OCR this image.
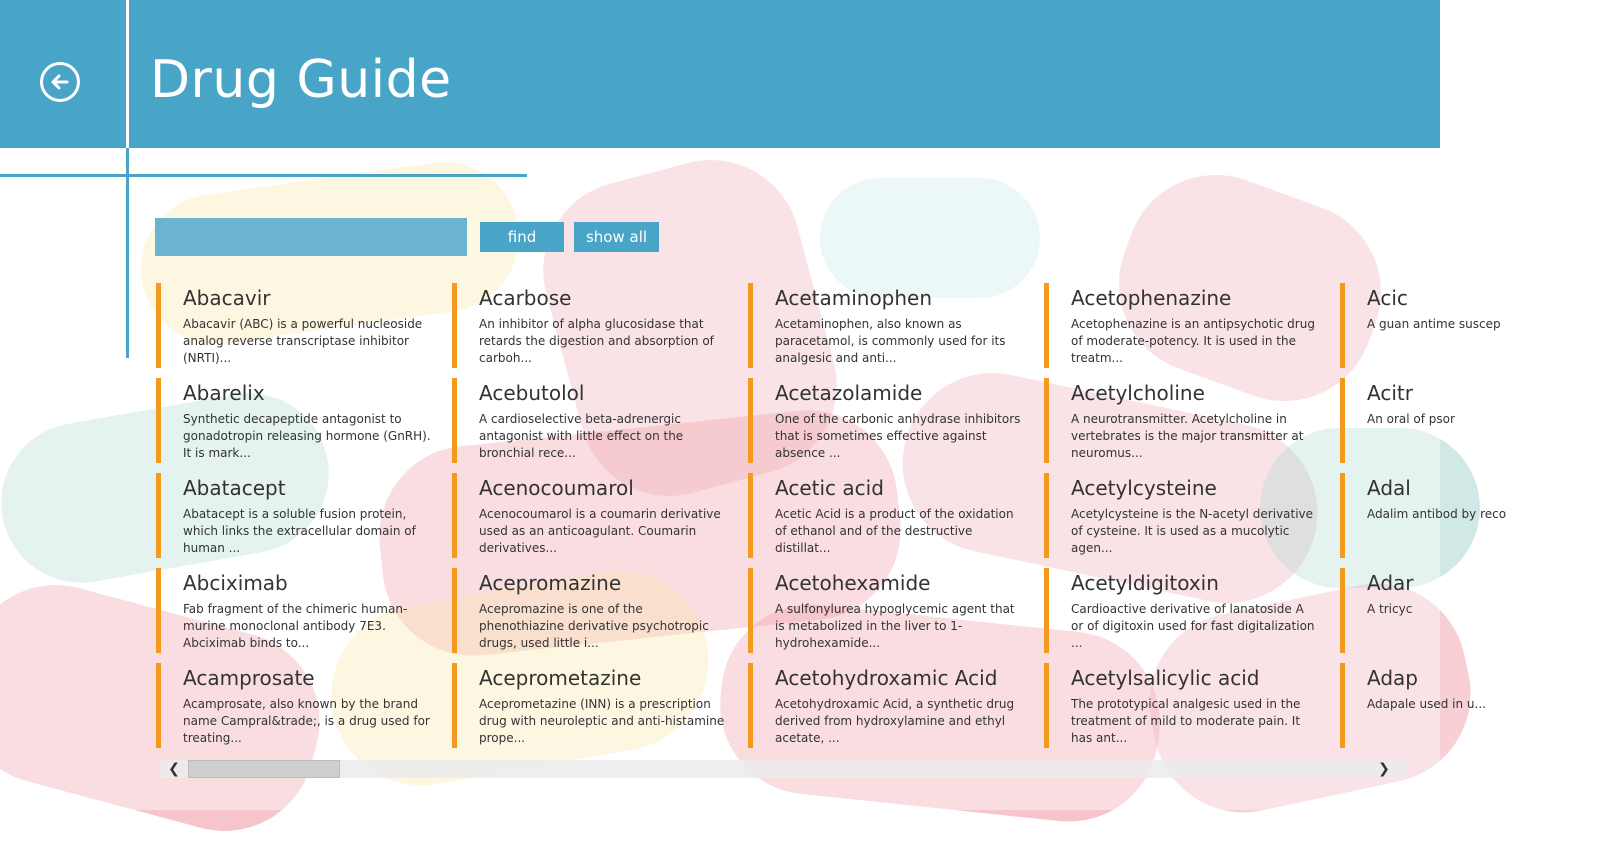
Drug Guide
find	show all
Abacavir
Abacavir (ABC) is a powerful nucleoside analog reverse transcriptase inhibitor (NRTI)...
Abarelix
Synthetic decapeptide antagonist to gonadotropin releasing hormone (GnRH). It is mark...
Abatacept
Abatacept is a soluble fusion protein, which links the extracellular domain of human ...
Abciximab
Fab fragment of the chimeric human-murine monoclonal antibody 7E3. Abciximab binds to...
Acamprosate
Acamprosate, also known by the brand name Campral&trade;, is a drug used for treating...
Acarbose
An inhibitor of alpha glucosidase that retards the digestion and absorption of carboh...
Acebutolol
A cardioselective beta-adrenergic antagonist with little effect on the bronchial rece...
Acenocoumarol
Acenocoumarol is a coumarin derivative used as an anticoagulant. Coumarin derivatives...
Acepromazine
Acepromazine is one of the phenothiazine derivative psychotropic drugs, used little i...
Aceprometazine
Aceprometazine (INN) is a prescription drug with neuroleptic and anti-histamine prope...
Acetaminophen
Acetaminophen, also known as paracetamol, is commonly used for its analgesic and anti...
Acetazolamide
One of the carbonic anhydrase inhibitors that is sometimes effective against absence ...
Acetic acid
Acetic Acid is a product of the oxidation of ethanol and of the destructive distillat...
Acetohexamide
A sulfonylurea hypoglycemic agent that is metabolized in the liver to 1-hydrohexamide...
Acetohydroxamic Acid
Acetohydroxamic Acid, a synthetic drug derived from hydroxylamine and ethyl acetate, ...
Acetophenazine
Acetophenazine is an antipsychotic drug of moderate-potency. It is used in the treatm...
Acetylcholine
A neurotransmitter. Acetylcholine in vertebrates is the major transmitter at neuromus...
Acetylcysteine
Acetylcysteine is the N-acetyl derivative of cysteine. It is used as a mucolytic agen...
Acetyldigitoxin
Cardioactive derivative of lanatoside A or of digitoxin used for fast digitalization ...
Acetylsalicylic acid
The prototypical analgesic used in the treatment of mild to moderate pain. It has ant...
Acic
A guan antime suscep
Acitr
An oral of psor
Adal
Adalim antibod by reco
Adar
A tricyc
Adap
Adapale used in u...
❮	❯
